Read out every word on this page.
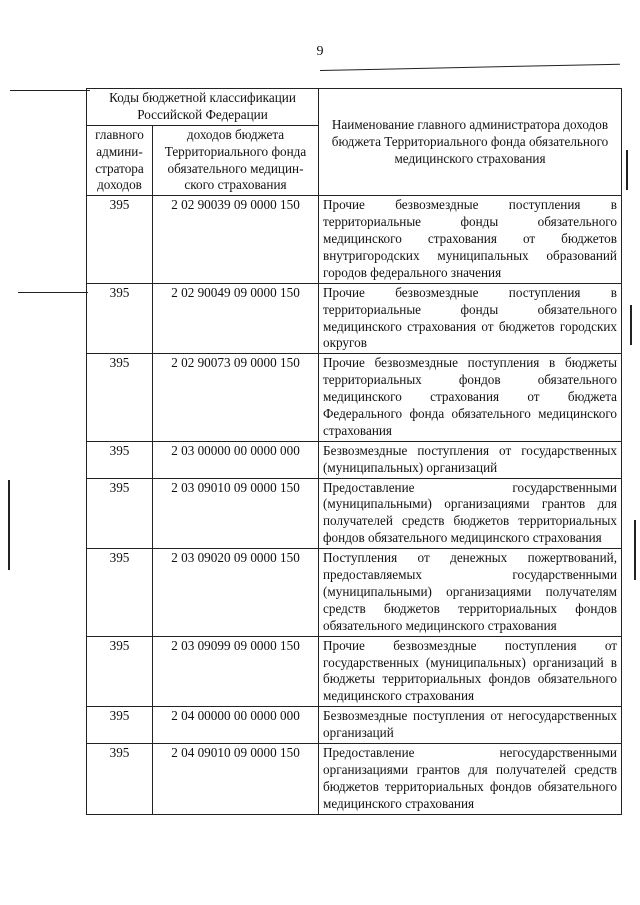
9
Коды бюджетной классификации Российской Федерации		Наименование главного администратора доходов бюджета Территориального фонда обязательного медицинского страхования
главного админи- стратора доходов	доходов бюджета Территориального фонда обязательного медицин- ского страхования	
395	2 02 90039 09 0000 150	Прочие безвозмездные поступления в территориальные фонды обязательного медицинского страхования от бюджетов внутригородских муниципальных образований городов федерального значения
395	2 02 90049 09 0000 150	Прочие безвозмездные поступления в территориальные фонды обязательного медицинского страхования от бюджетов городских округов
395	2 02 90073 09 0000 150	Прочие безвозмездные поступления в бюджеты территориальных фондов обязательного медицинского страхования от бюджета Федерального фонда обязательного медицинского страхования
395	2 03 00000 00 0000 000	Безвозмездные поступления от государственных (муниципальных) организаций
395	2 03 09010 09 0000 150	Предоставление государственными (муниципальными) организациями грантов для получателей средств бюджетов территориальных фондов обязательного медицинского страхования
395	2 03 09020 09 0000 150	Поступления от денежных пожертвований, предоставляемых государственными (муниципальными) организациями получателям средств бюджетов территориальных фондов обязательного медицинского страхования
395	2 03 09099 09 0000 150	Прочие безвозмездные поступления от государственных (муниципальных) организаций в бюджеты территориальных фондов обязательного медицинского страхования
395	2 04 00000 00 0000 000	Безвозмездные поступления от негосударственных организаций
395	2 04 09010 09 0000 150	Предоставление негосударственными организациями грантов для получателей средств бюджетов территориальных фондов обязательного медицинского страхования
